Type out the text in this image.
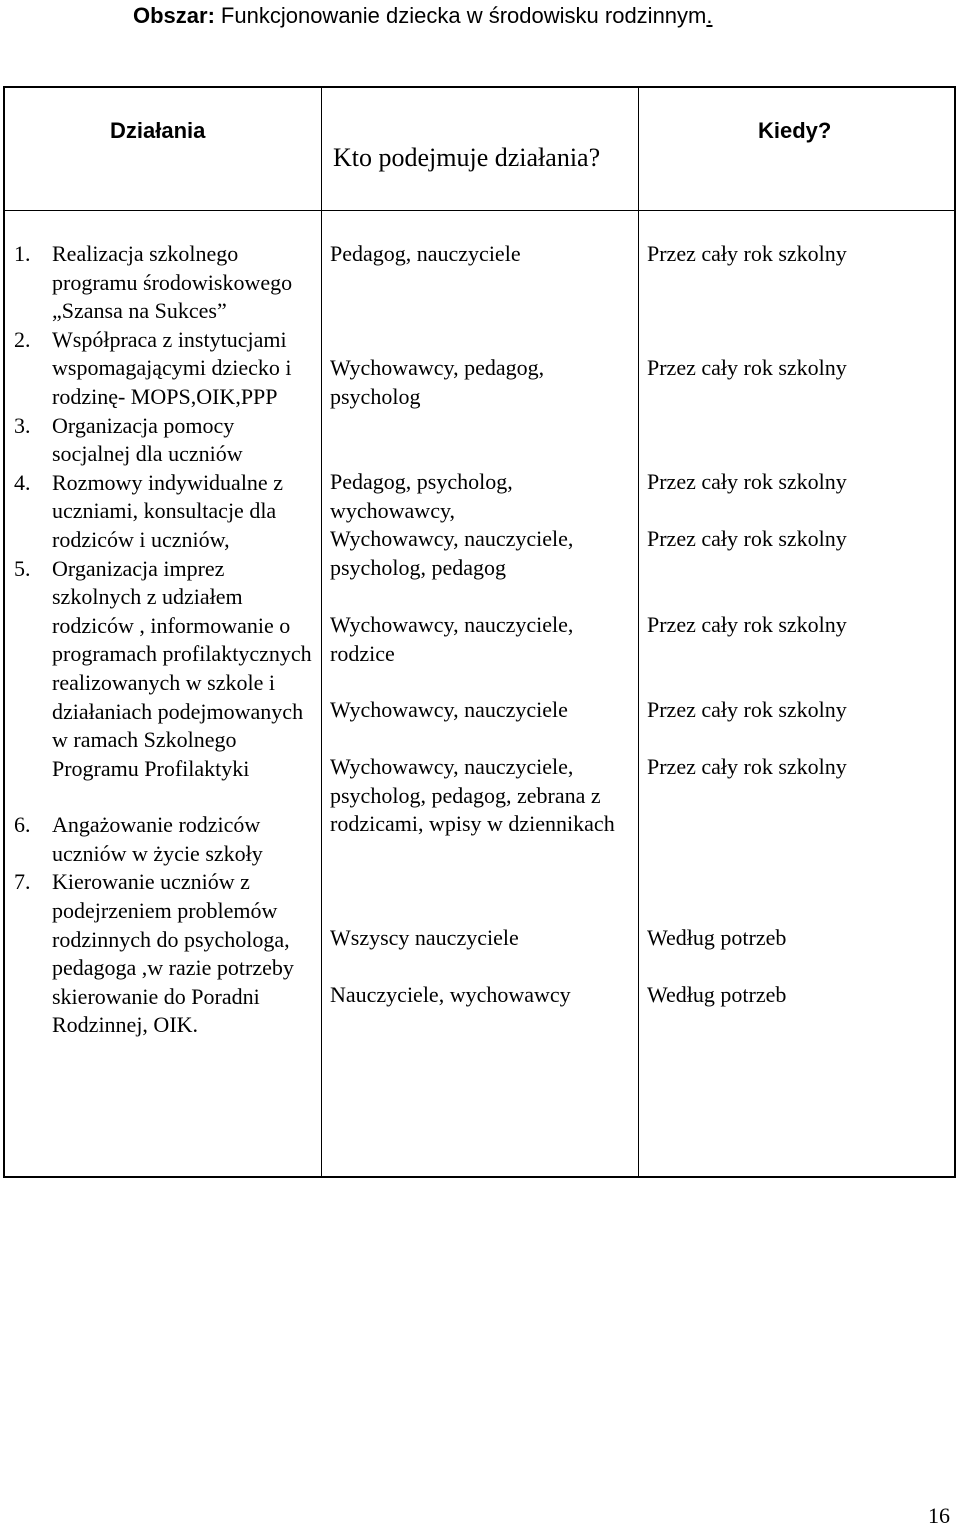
Obszar: Funkcjonowanie dziecka w środowisku rodzinnym.
Działania
Kto podejmuje działania?
Kiedy?
1. Realizacja szkolnego programu środowiskowego „Szansa na Sukces”
2. Współpraca z instytucjami wspomagającymi dziecko i rodzinę- MOPS,OIK,PPP
3. Organizacja pomocy socjalnej dla uczniów
4. Rozmowy indywidualne z uczniami, konsultacje dla rodziców i uczniów,
5. Organizacja imprez szkolnych z udziałem rodziców , informowanie o programach profilaktycznych realizowanych w szkole i działaniach podejmowanych w ramach Szkolnego Programu Profilaktyki
6. Angażowanie rodziców uczniów w życie szkoły
7. Kierowanie uczniów z podejrzeniem problemów rodzinnych do psychologa, pedagoga ,w razie potrzeby skierowanie do Poradni Rodzinnej, OIK.
Pedagog, nauczyciele
Wychowawcy, pedagog, psycholog
Pedagog, psycholog, wychowawcy,
Wychowawcy, nauczyciele, psycholog, pedagog
Wychowawcy, nauczyciele, rodzice
Wychowawcy, nauczyciele
Wychowawcy, nauczyciele, psycholog, pedagog, zebrana z rodzicami, wpisy w dziennikach
Wszyscy nauczyciele
Nauczyciele, wychowawcy
Przez cały rok szkolny
Przez cały rok szkolny
Przez cały rok szkolny
Przez cały rok szkolny
Przez cały rok szkolny
Przez cały rok szkolny
Przez cały rok szkolny
Według potrzeb
Według potrzeb
16
